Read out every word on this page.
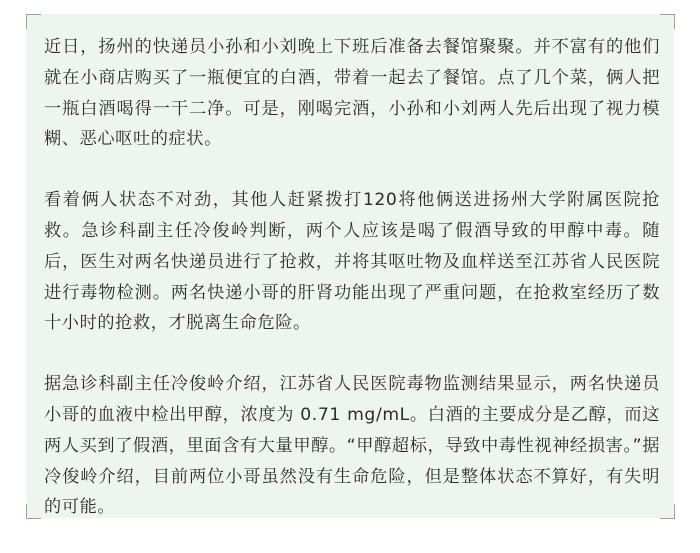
近日，扬州的快递员小孙和小刘晚上下班后准备去餐馆聚聚。并不富有的他们就在小商店购买了一瓶便宜的白酒，带着一起去了餐馆。点了几个菜，俩人把一瓶白酒喝得一干二净。可是，刚喝完酒，小孙和小刘两人先后出现了视力模糊、恶心呕吐的症状。

看着俩人状态不对劲，其他人赶紧拨打120将他俩送进扬州大学附属医院抢救。急诊科副主任冷俊岭判断，两个人应该是喝了假酒导致的甲醇中毒。随后，医生对两名快递员进行了抢救，并将其呕吐物及血样送至江苏省人民医院进行毒物检测。两名快递小哥的肝肾功能出现了严重问题，在抢救室经历了数十小时的抢救，才脱离生命危险。

据急诊科副主任冷俊岭介绍，江苏省人民医院毒物监测结果显示，两名快递员小哥的血液中检出甲醇，浓度为 0.71 mg/mL。白酒的主要成分是乙醇，而这两人买到了假酒，里面含有大量甲醇。“甲醇超标，导致中毒性视神经损害。”据冷俊岭介绍，目前两位小哥虽然没有生命危险，但是整体状态不算好，有失明的可能。
